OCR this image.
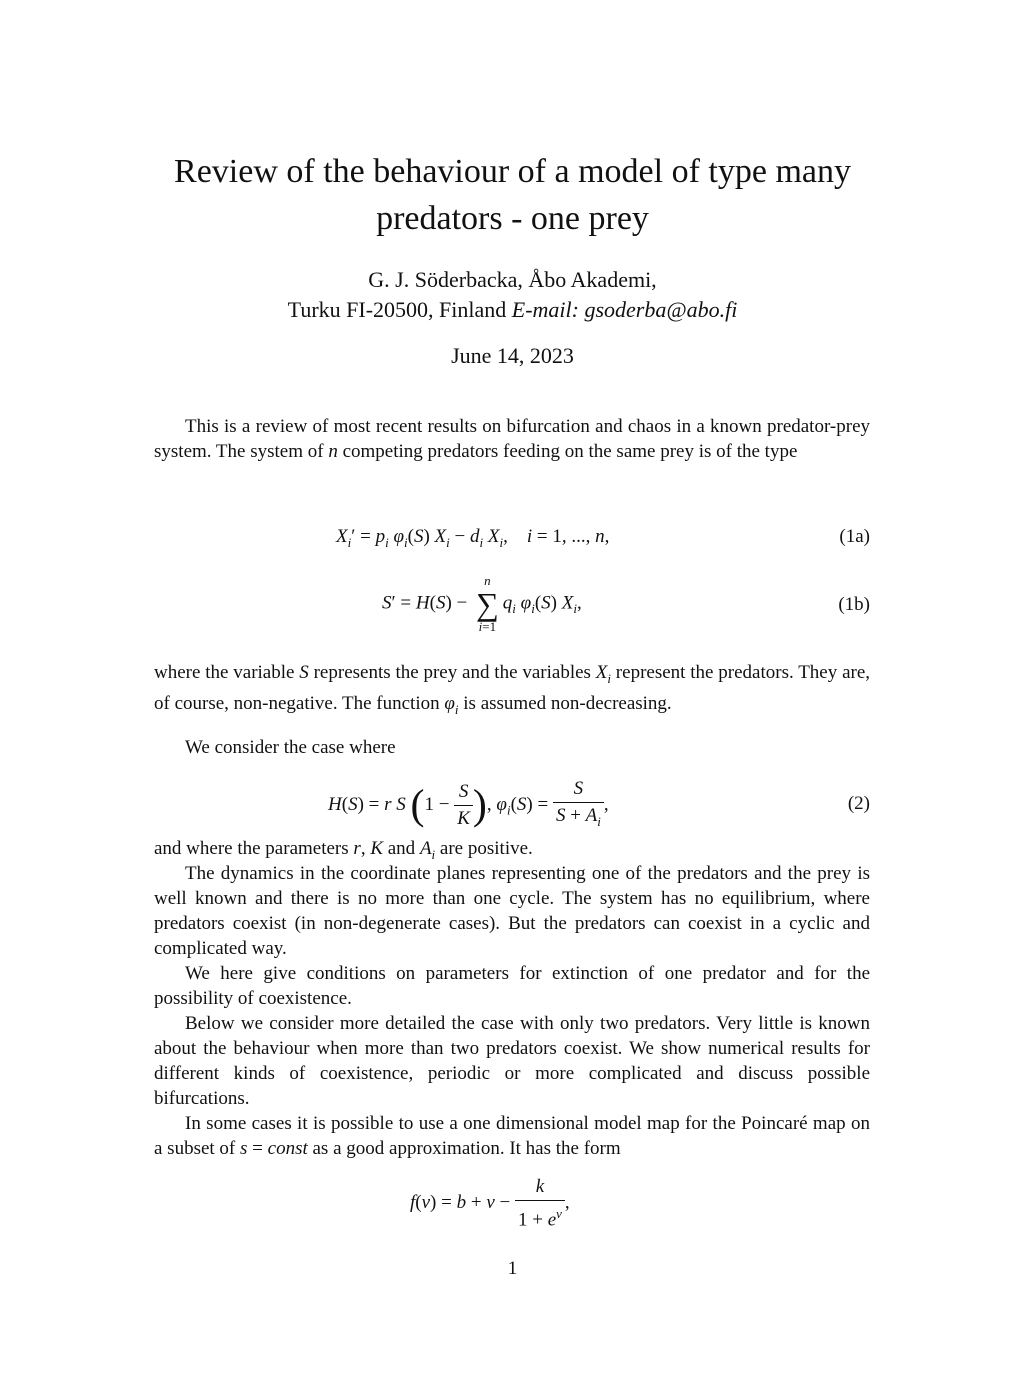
Review of the behaviour of a model of type many predators - one prey
G. J. Söderbacka, Åbo Akademi,
Turku FI-20500, Finland E-mail: gsoderba@abo.fi
June 14, 2023
This is a review of most recent results on bifurcation and chaos in a known predator-prey system. The system of n competing predators feeding on the same prey is of the type
$X_i' = p_i$ $\varphi_i(S) X_i - d_i$ $X_i$,    i = 1, ..., n,	(1a)
S′ = H(S) −
n
∑
i=1
$q_i$ $\varphi_i(S)$ $X_i$,	(1b)
where the variable S represents the prey and the variables $X_i$ represent the predators. They are, of course, non-negative. The function $\varphi_i$ is assumed non-decreasing.
We consider the case where
H(S) = r S ($1 - \frac{S}{K}$ ), $\varphi_i(S) = \frac{S}{S + A_i}$ ,	(2)
and where the parameters r, K and $A_i$ are positive.
The dynamics in the coordinate planes representing one of the predators and the prey is well known and there is no more than one cycle. The system has no equilibrium, where predators coexist (in non-degenerate cases). But the predators can coexist in a cyclic and complicated way.
We here give conditions on parameters for extinction of one predator and for the possibility of coexistence.
Below we consider more detailed the case with only two predators. Very little is known about the behaviour when more than two predators coexist. We show numerical results for different kinds of coexistence, periodic or more complicated and discuss possible bifurcations.
In some cases it is possible to use a one dimensional model map for the Poincaré map on a subset of s = const as a good approximation. It has the form
$f(v) = b + v - \frac{k}{1 + e^v}$ ,
1
